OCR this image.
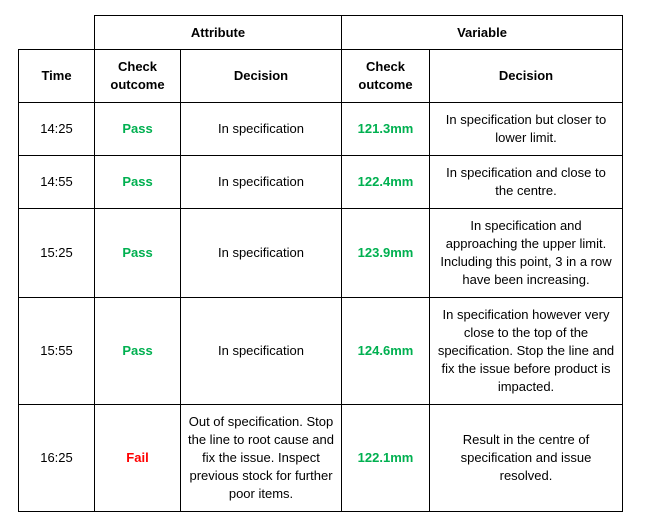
	Attribute		Variable	
Time	Check outcome	Decision	Check outcome	Decision
14:25	Pass	In specification	121.3mm	In specification but closer to lower limit.
14:55	Pass	In specification	122.4mm	In specification and close to the centre.
15:25	Pass	In specification	123.9mm	In specification and approaching the upper limit. Including this point, 3 in a row have been increasing.
15:55	Pass	In specification	124.6mm	In specification however very close to the top of the specification. Stop the line and fix the issue before product is impacted.
16:25	Fail	Out of specification. Stop the line to root cause and fix the issue. Inspect previous stock for further poor items.	122.1mm	Result in the centre of specification and issue resolved.
